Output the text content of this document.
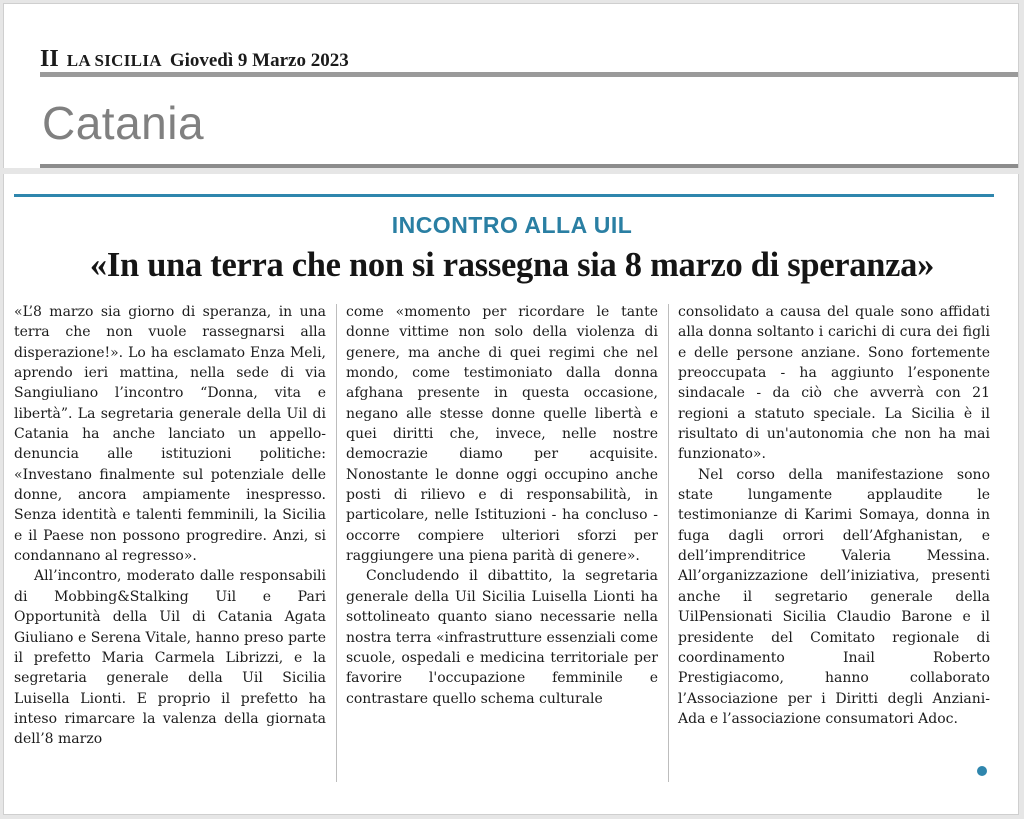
II LA SICILIA Giovedì 9 Marzo 2023
Catania
INCONTRO ALLA UIL
«In una terra che non si rassegna sia 8 marzo di speranza»

«L’8 marzo sia giorno di speranza, in una terra che non vuole rassegnarsi alla disperazione!». Lo ha esclamato Enza Meli, aprendo ieri mattina, nella sede di via Sangiuliano l’incontro “Donna, vita e libertà”. La segretaria generale della Uil di Catania ha anche lanciato un appello-denuncia alle istituzioni politiche: «Investano finalmente sul potenziale delle donne, ancora ampiamente inespresso. Senza identità e talenti femminili, la Sicilia e il Paese non possono progredire. Anzi, si condannano al regresso».

All’incontro, moderato dalle responsabili di Mobbing&Stalking Uil e Pari Opportunità della Uil di Catania Agata Giuliano e Serena Vitale, hanno preso parte il prefetto Maria Carmela Librizzi, e la segretaria generale della Uil Sicilia Luisella Lionti. E proprio il prefetto ha inteso rimarcare la valenza della giornata dell’8 marzo

come «momento per ricordare le tante donne vittime non solo della violenza di genere, ma anche di quei regimi che nel mondo, come testimoniato dalla donna afghana presente in questa occasione, negano alle stesse donne quelle libertà e quei diritti che, invece, nelle nostre democrazie diamo per acquisite. Nonostante le donne oggi occupino anche posti di rilievo e di responsabilità, in particolare, nelle Istituzioni - ha concluso - occorre compiere ulteriori sforzi per raggiungere una piena parità di genere».

Concludendo il dibattito, la segretaria generale della Uil Sicilia Luisella Lionti ha sottolineato quanto siano necessarie nella nostra terra «infrastrutture essenziali come scuole, ospedali e medicina territoriale per favorire l'occupazione femminile e contrastare quello schema culturale

consolidato a causa del quale sono affidati alla donna soltanto i carichi di cura dei figli e delle persone anziane. Sono fortemente preoccupata - ha aggiunto l’esponente sindacale - da ciò che avverrà con 21 regioni a statuto speciale. La Sicilia è il risultato di un'autonomia che non ha mai funzionato».

Nel corso della manifestazione sono state lungamente applaudite le testimonianze di Karimi Somaya, donna in fuga dagli orrori dell’Afghanistan, e dell’imprenditrice Valeria Messina. All’organizzazione dell’iniziativa, presenti anche il segretario generale della UilPensionati Sicilia Claudio Barone e il presidente del Comitato regionale di coordinamento Inail Roberto Prestigiacomo, hanno collaborato l’Associazione per i Diritti degli Anziani-Ada e l’associazione consumatori Adoc.
